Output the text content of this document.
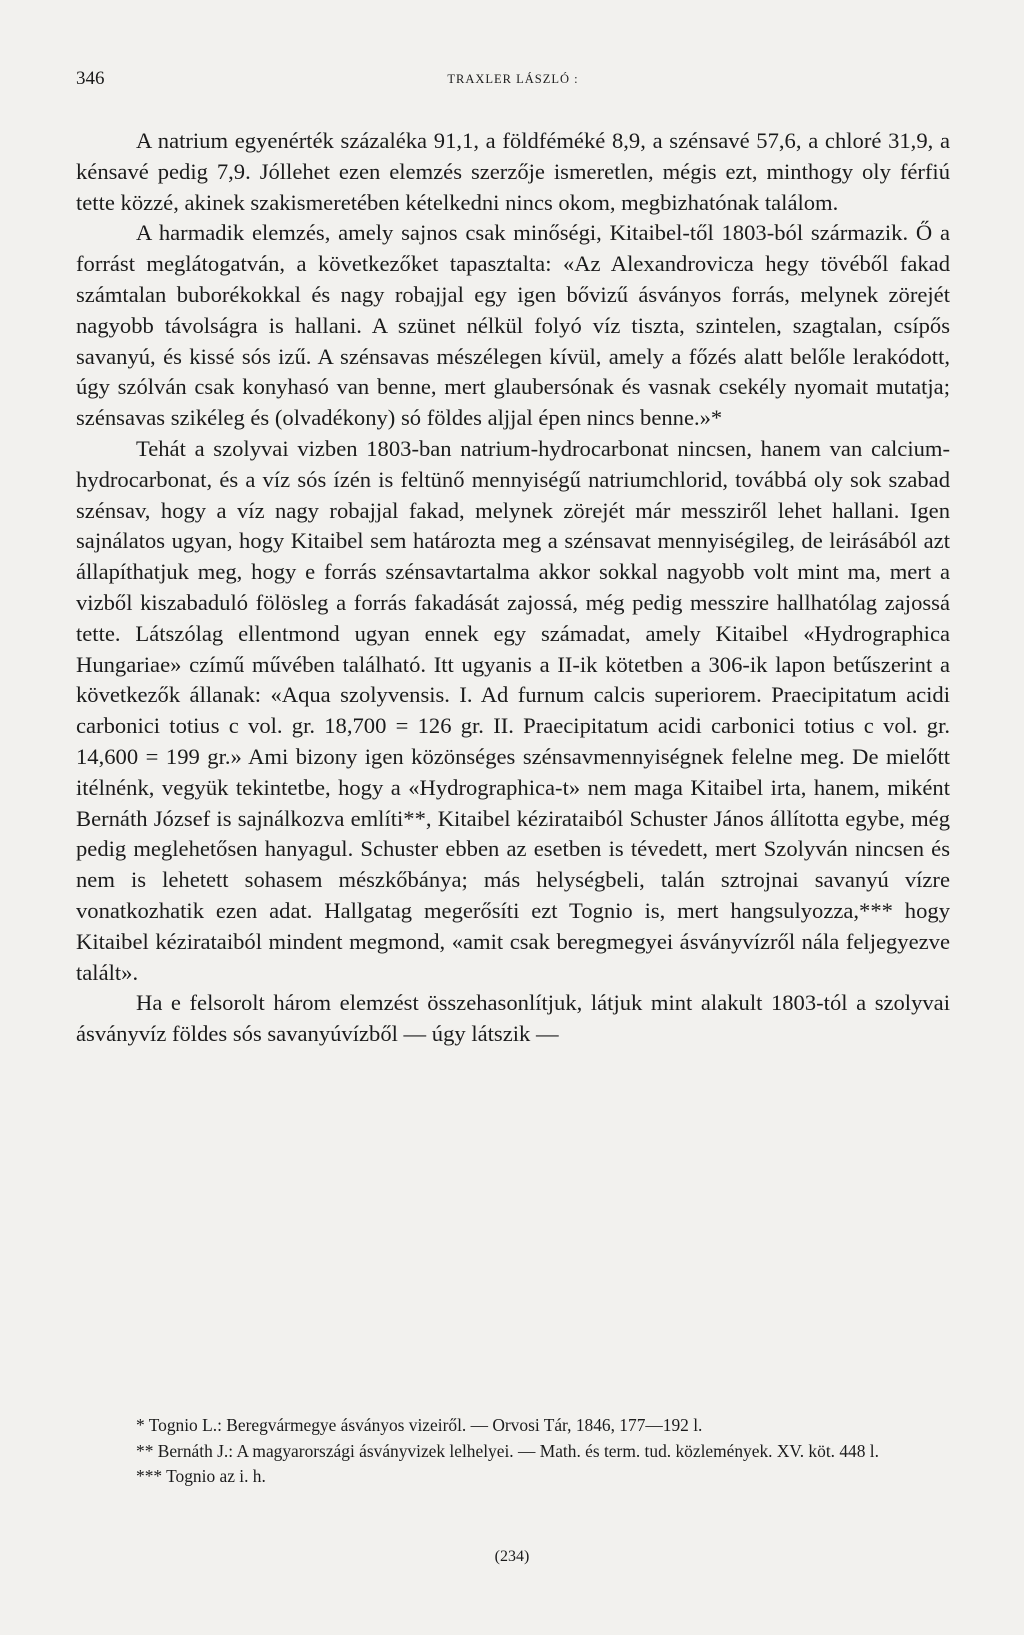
346	TRAXLER LÁSZLÓ :

A natrium egyenérték százaléka 91,1, a földféméké 8,9, a szénsavé 57,6, a chloré 31,9, a kénsavé pedig 7,9. Jóllehet ezen elemzés szerzője ismeretlen, mégis ezt, minthogy oly férfiú tette közzé, akinek szakismeretében kételkedni nincs okom, megbizhatónak találom.

A harmadik elemzés, amely sajnos csak minőségi, Kitaibel-től 1803-ból származik. Ő a forrást meglátogatván, a következőket tapasztalta: «Az Alexandrovicza hegy tövéből fakad számtalan buborékokkal és nagy robajjal egy igen bővizű ásványos forrás, melynek zörejét nagyobb távolságra is hallani. A szünet nélkül folyó víz tiszta, szintelen, szagtalan, csípős savanyú, és kissé sós izű. A szénsavas mészélegen kívül, amely a főzés alatt belőle lerakódott, úgy szólván csak konyhasó van benne, mert glaubersónak és vasnak csekély nyomait mutatja; szénsavas szikéleg és (olvadékony) só földes aljjal épen nincs benne.»*

Tehát a szolyvai vizben 1803-ban natrium-hydrocarbonat nincsen, hanem van calcium-hydrocarbonat, és a víz sós ízén is feltünő mennyiségű natriumchlorid, továbbá oly sok szabad szénsav, hogy a víz nagy robajjal fakad, melynek zörejét már messziről lehet hallani. Igen sajnálatos ugyan, hogy Kitaibel sem határozta meg a szénsavat mennyiségileg, de leirásából azt állapíthatjuk meg, hogy e forrás szénsavtartalma akkor sokkal nagyobb volt mint ma, mert a vizből kiszabaduló fölösleg a forrás fakadását zajossá, még pedig messzire hallhatólag zajossá tette. Látszólag ellentmond ugyan ennek egy számadat, amely Kitaibel «Hydrographica Hungariae» czímű művében található. Itt ugyanis a II-ik kötetben a 306-ik lapon betűszerint a következők állanak: «Aqua szolyvensis. I. Ad furnum calcis superiorem. Praecipitatum acidi carbonici totius c vol. gr. 18,700 = 126 gr. II. Praecipitatum acidi carbonici totius c vol. gr. 14,600 = 199 gr.» Ami bizony igen közönséges szénsavmennyiségnek felelne meg. De mielőtt itélnénk, vegyük tekintetbe, hogy a «Hydrographica-t» nem maga Kitaibel irta, hanem, miként Bernáth József is sajnálkozva említi**, Kitaibel kézirataiból Schuster János állította egybe, még pedig meglehetősen hanyagul. Schuster ebben az esetben is tévedett, mert Szolyván nincsen és nem is lehetett sohasem mészkőbánya; más helységbeli, talán sztrojnai savanyú vízre vonatkozhatik ezen adat. Hallgatag megerősíti ezt Tognio is, mert hangsulyozza,*** hogy Kitaibel kézirataiból mindent megmond, «amit csak beregmegyei ásványvízről nála feljegyezve talált».

Ha e felsorolt három elemzést összehasonlítjuk, látjuk mint alakult 1803-tól a szolyvai ásványvíz földes sós savanyúvízből — úgy látszik —

* Tognio L.: Beregvármegye ásványos vizeiről. — Orvosi Tár, 1846, 177—192 l.

** Bernáth J.: A magyarországi ásványvizek lelhelyei. — Math. és term. tud. közlemények. XV. köt. 448 l.

*** Tognio az i. h.

(234)
